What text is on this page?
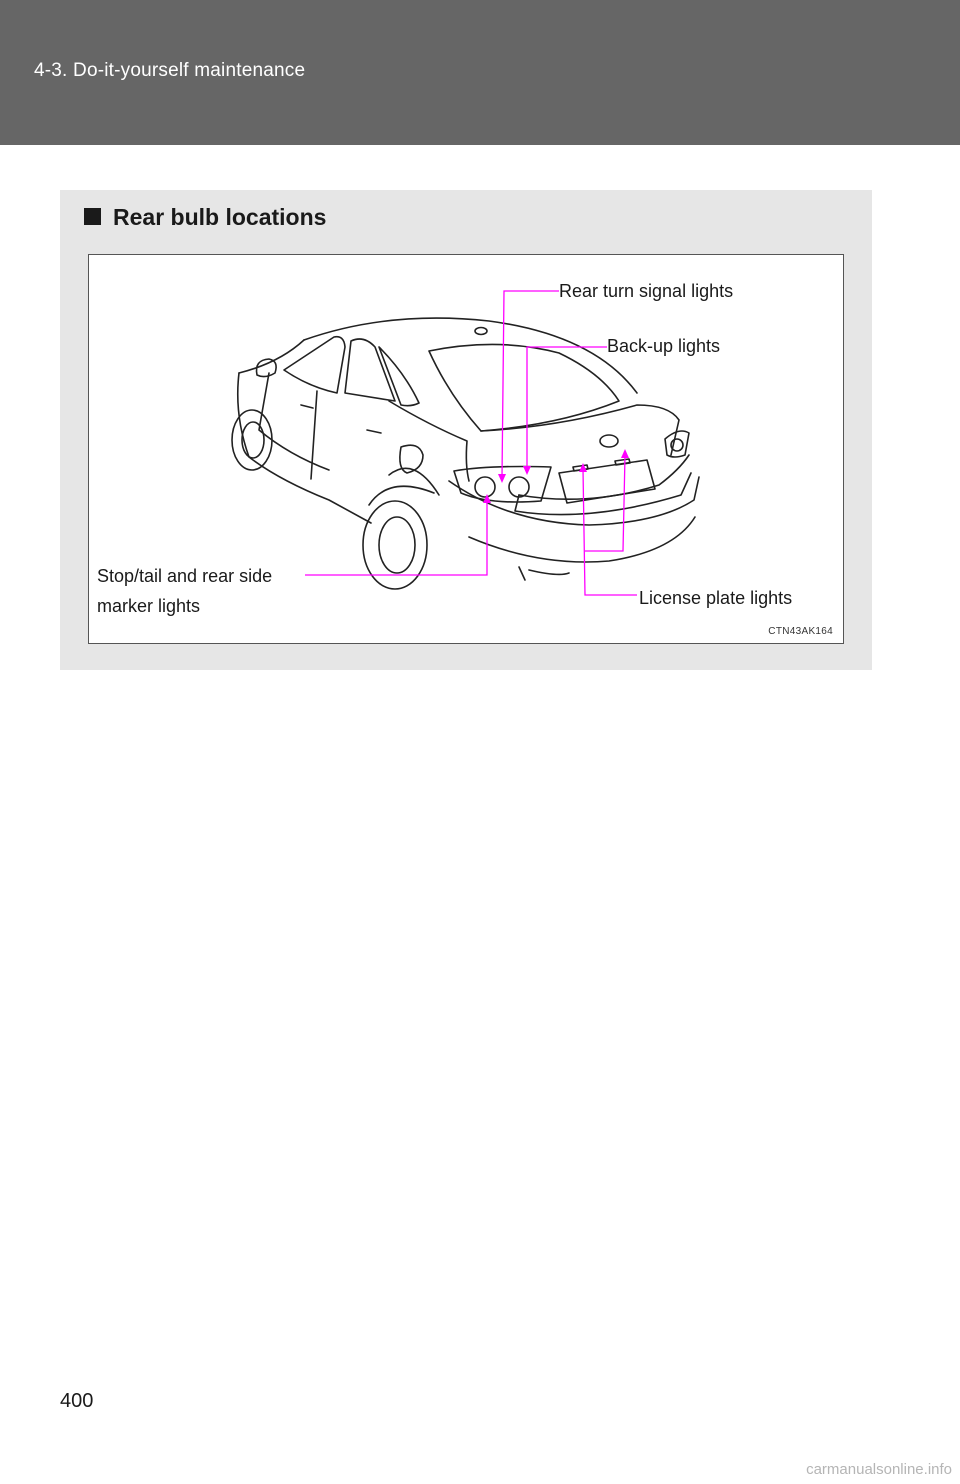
4-3. Do-it-yourself maintenance
Rear bulb locations
Rear turn signal lights
Back-up lights
Stop/tail and rear side
marker lights	License plate lights
CTN43AK164
400
carmanualsonline.info
